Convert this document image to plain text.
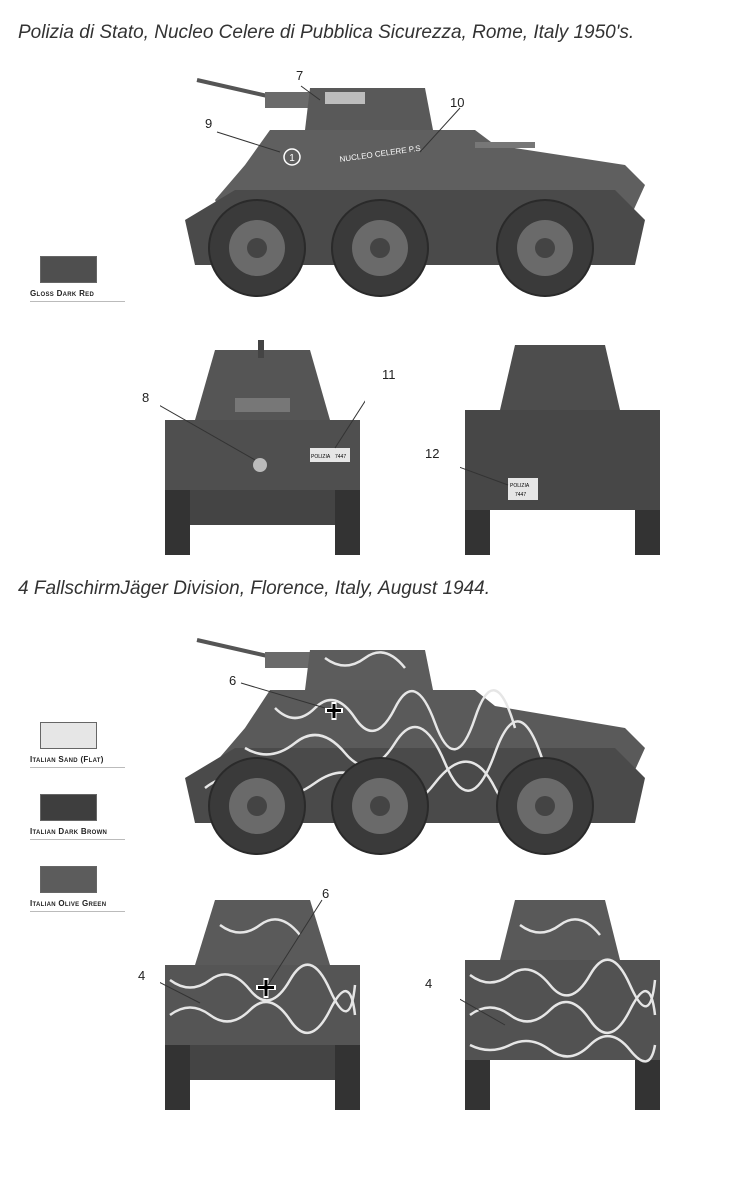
Polizia di Stato, Nucleo Celere di Pubblica Sicurezza, Rome, Italy 1950's.
1	NUCLEO CELERE P.S.
7
10
9
Gloss Dark Red
POLIZIA 7447
8
11
POLIZIA
7447
12
4 FallschirmJäger Division, Florence, Italy, August 1944.
6
Italian Sand (Flat)
Italian Dark Brown
Italian Olive Green
6
4
4
